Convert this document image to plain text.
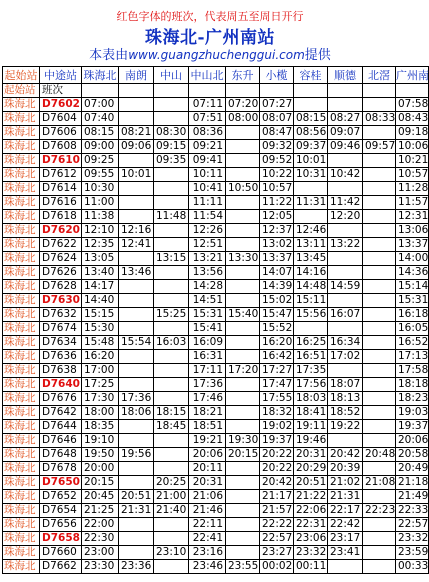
红色字体的班次，代表周五至周日开行
珠海北-广州南站
本表由www.guangzhuchenggui.com提供
起始站	中途站	珠海北	南朗	中山	中山北	东升	小榄	容桂	顺德	北滘	广州南
起始站	班次										
珠海北	D7602	07:00			07:11	07:20	07:27				07:58
珠海北	D7604	07:40			07:51	08:00	08:07	08:15	08:27	08:33	08:43
珠海北	D7606	08:15	08:21	08:30	08:36		08:47	08:56	09:07		09:18
珠海北	D7608	09:00	09:06	09:15	09:21		09:32	09:37	09:46	09:57	10:06
珠海北	D7610	09:25		09:35	09:41		09:52	10:01			10:21
珠海北	D7612	09:55	10:01		10:11		10:22	10:31	10:42		10:57
珠海北	D7614	10:30			10:41	10:50	10:57				11:28
珠海北	D7616	11:00			11:11		11:22	11:31	11:42		11:57
珠海北	D7618	11:38		11:48	11:54		12:05		12:20		12:31
珠海北	D7620	12:10	12:16		12:26		12:37	12:46			13:06
珠海北	D7622	12:35	12:41		12:51		13:02	13:11	13:22		13:37
珠海北	D7624	13:05		13:15	13:21	13:30	13:37	13:45			14:00
珠海北	D7626	13:40	13:46		13:56		14:07	14:16			14:36
珠海北	D7628	14:17			14:28		14:39	14:48	14:59		15:14
珠海北	D7630	14:40			14:51		15:02	15:11			15:31
珠海北	D7632	15:15		15:25	15:31	15:40	15:47	15:56	16:07		16:18
珠海北	D7674	15:30			15:41		15:52				16:05
珠海北	D7634	15:48	15:54	16:03	16:09		16:20	16:25	16:34		16:52
珠海北	D7636	16:20			16:31		16:42	16:51	17:02		17:13
珠海北	D7638	17:00			17:11	17:20	17:27	17:35			17:58
珠海北	D7640	17:25			17:36		17:47	17:56	18:07		18:18
珠海北	D7676	17:30	17:36		17:46		17:55	18:03	18:13		18:23
珠海北	D7642	18:00	18:06	18:15	18:21		18:32	18:41	18:52		19:03
珠海北	D7644	18:35		18:45	18:51		19:02	19:11	19:22		19:37
珠海北	D7646	19:10			19:21	19:30	19:37	19:46			20:06
珠海北	D7648	19:50	19:56		20:06	20:15	20:22	20:31	20:42	20:48	20:58
珠海北	D7678	20:00			20:11		20:22	20:29	20:39		20:49
珠海北	D7650	20:15		20:25	20:31		20:42	20:51	21:02	21:08	21:18
珠海北	D7652	20:45	20:51	21:00	21:06		21:17	21:22	21:31		21:49
珠海北	D7654	21:25	21:31	21:40	21:46		21:57	22:06	22:17	22:23	22:33
珠海北	D7656	22:00			22:11		22:22	22:31	22:42		22:57
珠海北	D7658	22:30			22:41		22:57	23:06	23:17		23:32
珠海北	D7660	23:00		23:10	23:16		23:27	23:32	23:41		23:59
珠海北	D7662	23:30	23:36		23:46	23:55	00:02	00:11			00:33
